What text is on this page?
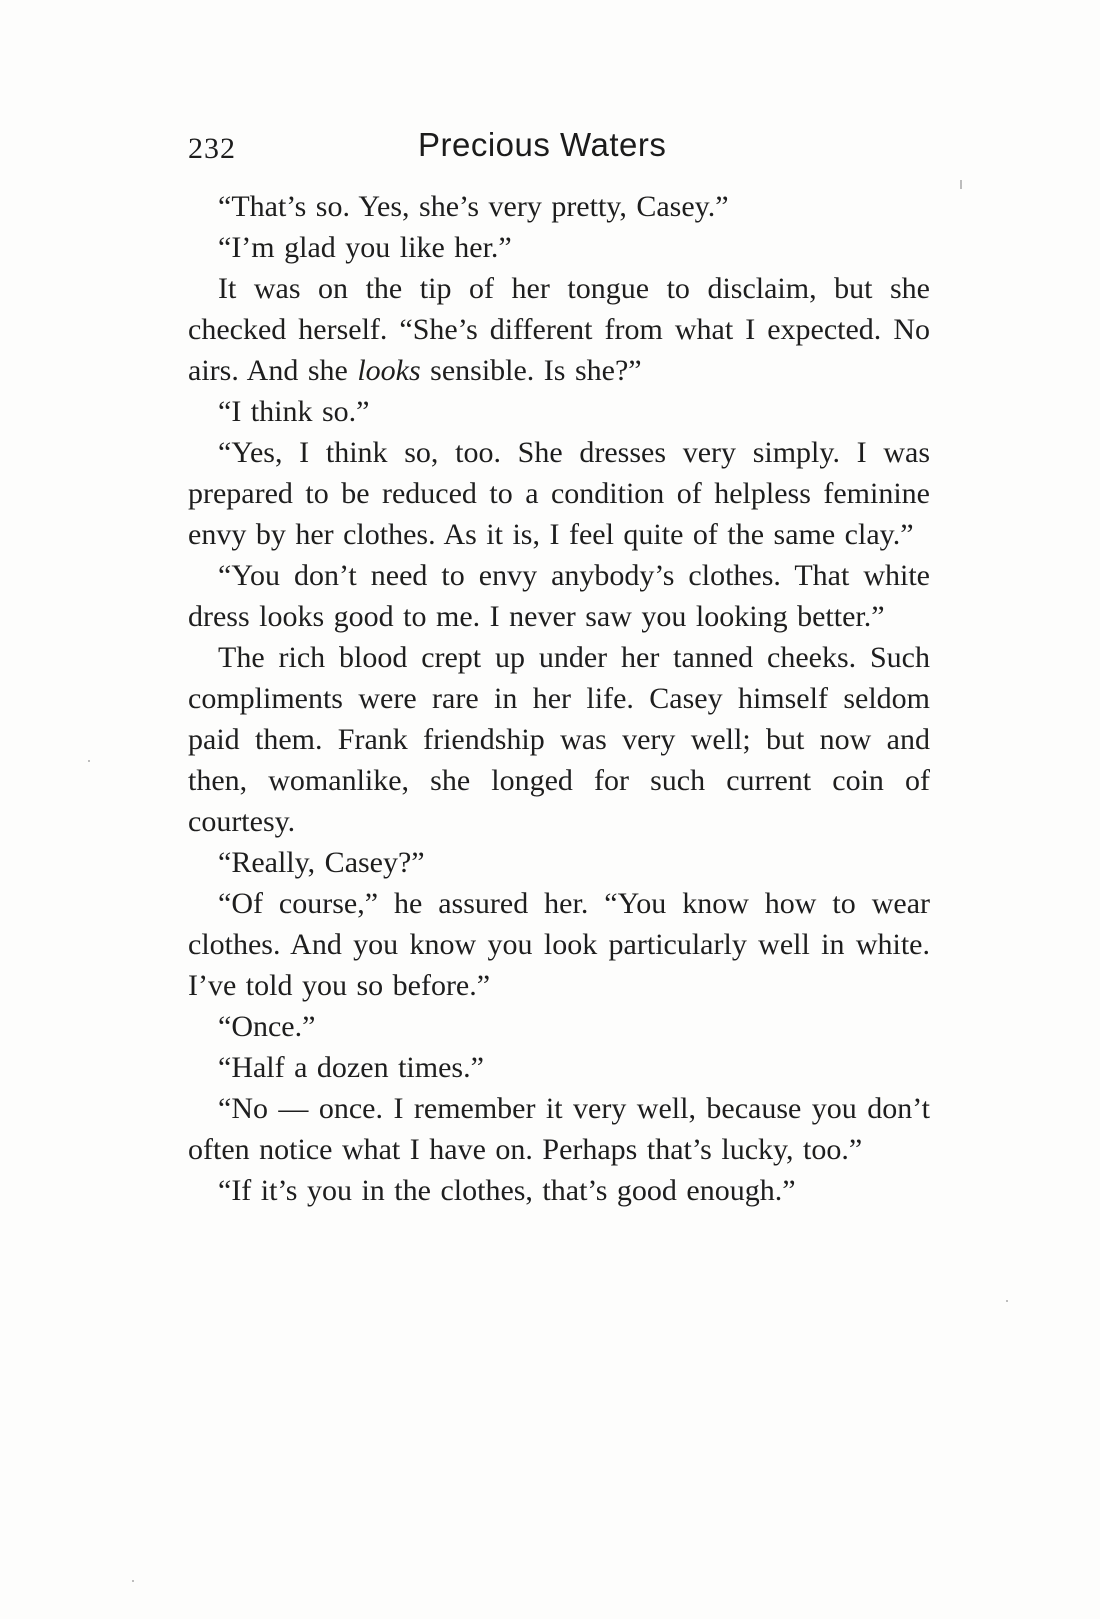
232	Precious Waters

“That’s so. Yes, she’s very pretty, Casey.”

“I’m glad you like her.”

It was on the tip of her tongue to disclaim, but she checked herself. “She’s different from what I expected. No airs. And she looks sensible. Is she?”

“I think so.”

“Yes, I think so, too. She dresses very simply. I was prepared to be reduced to a condition of helpless feminine envy by her clothes. As it is, I feel quite of the same clay.”

“You don’t need to envy anybody’s clothes. That white dress looks good to me. I never saw you looking better.”

The rich blood crept up under her tanned cheeks. Such compliments were rare in her life. Casey himself seldom paid them. Frank friendship was very well; but now and then, womanlike, she longed for such current coin of courtesy.

“Really, Casey?”

“Of course,” he assured her. “You know how to wear clothes. And you know you look particularly well in white. I’ve told you so before.”

“Once.”

“Half a dozen times.”

“No — once. I remember it very well, because you don’t often notice what I have on. Perhaps that’s lucky, too.”

“If it’s you in the clothes, that’s good enough.”
